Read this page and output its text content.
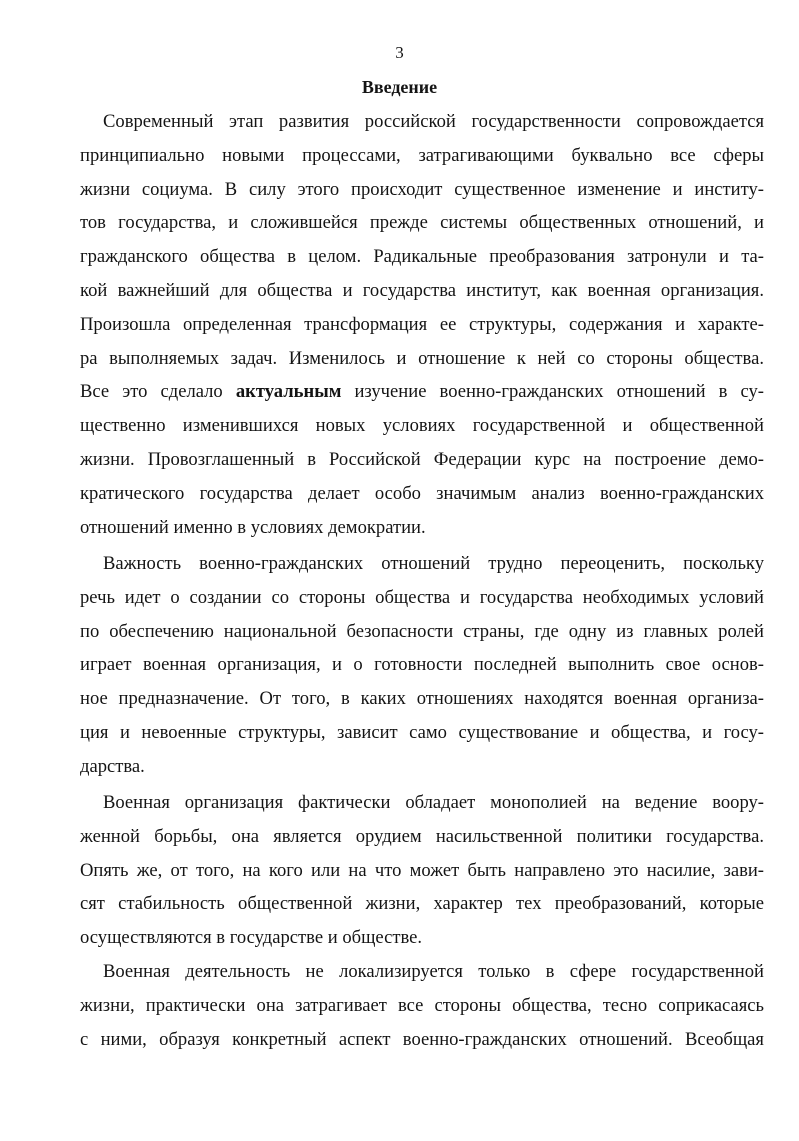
3
Введение

Современный этап развития российской государственности сопровождается
принципиально новыми процессами, затрагивающими буквально все сферы
жизни социума. В силу этого происходит существенное изменение и институ-
тов государства, и сложившейся прежде системы общественных отношений, и
гражданского общества в целом. Радикальные преобразования затронули и та-
кой важнейший для общества и государства институт, как военная организация.
Произошла определенная трансформация ее структуры, содержания и характе-
ра выполняемых задач. Изменилось и отношение к ней со стороны общества.
Все это сделало актуальным изучение военно-гражданских отношений в су-
щественно изменившихся новых условиях государственной и общественной
жизни. Провозглашенный в Российской Федерации курс на построение демо-
кратического государства делает особо значимым анализ военно-гражданских
отношений именно в условиях демократии.

Важность военно-гражданских отношений трудно переоценить, поскольку
речь идет о создании со стороны общества и государства необходимых условий
по обеспечению национальной безопасности страны, где одну из главных ролей
играет военная организация, и о готовности последней выполнить свое основ-
ное предназначение. От того, в каких отношениях находятся военная организа-
ция и невоенные структуры, зависит само существование и общества, и госу-
дарства.

Военная организация фактически обладает монополией на ведение воору-
женной борьбы, она является орудием насильственной политики государства.
Опять же, от того, на кого или на что может быть направлено это насилие, зави-
сят стабильность общественной жизни, характер тех преобразований, которые
осуществляются в государстве и обществе.

Военная деятельность не локализируется только в сфере государственной
жизни, практически она затрагивает все стороны общества, тесно соприкасаясь
с ними, образуя конкретный аспект военно-гражданских отношений. Всеобщая
